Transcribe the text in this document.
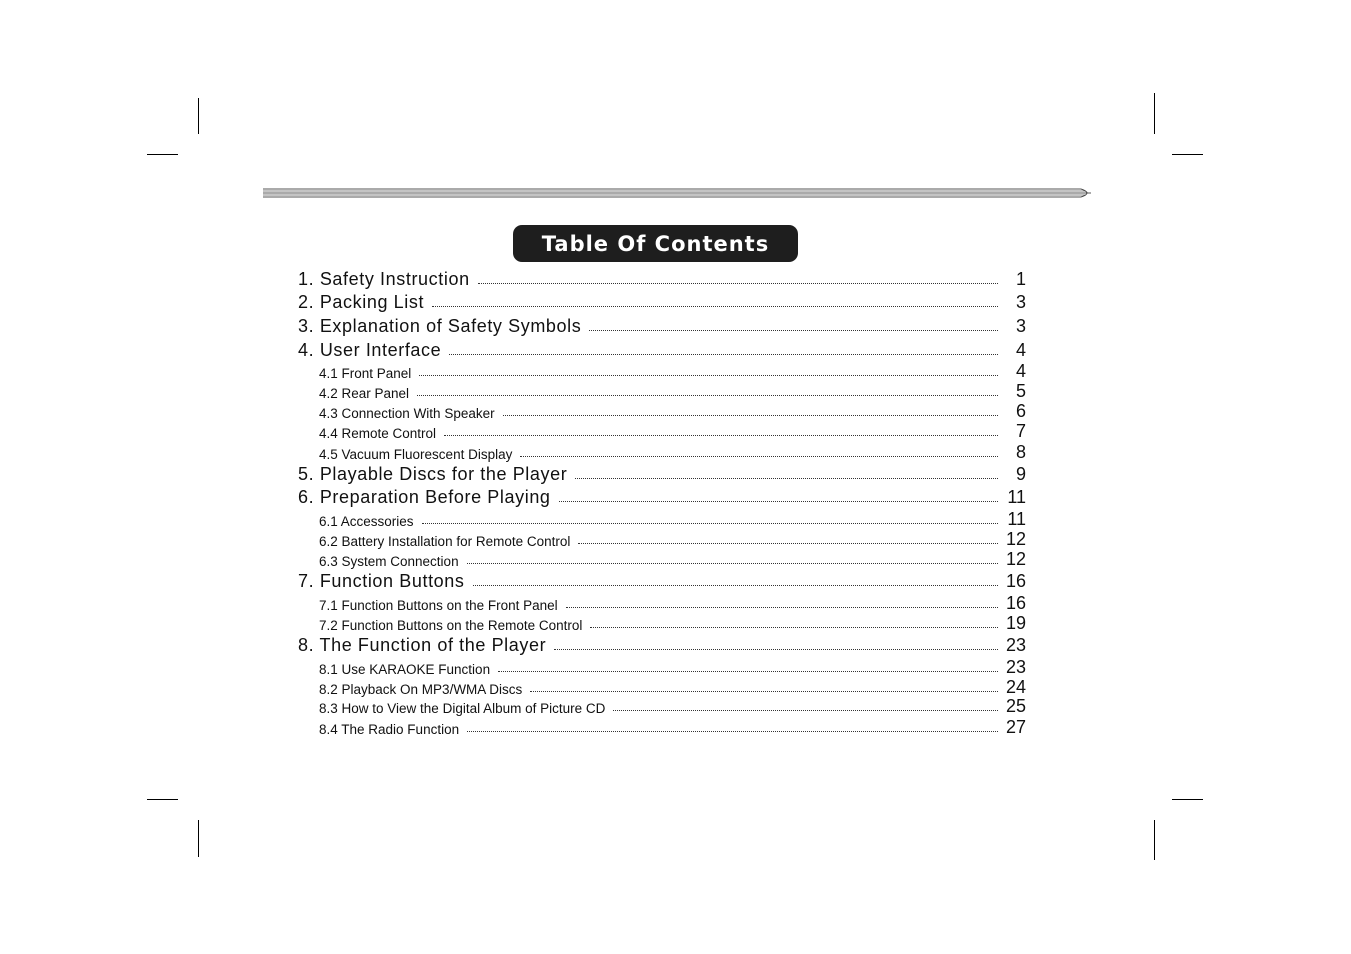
Table Of Contents
1. Safety Instruction	1
2. Packing List	3
3. Explanation of Safety Symbols	3
4. User Interface	4
4.1 Front Panel	4
4.2 Rear Panel	5
4.3 Connection With Speaker	6
4.4 Remote Control	7
4.5 Vacuum Fluorescent Display	8
5. Playable Discs for the Player	9
6. Preparation Before Playing	11
6.1 Accessories	11
6.2 Battery Installation for Remote Control	12
6.3 System Connection	12
7. Function Buttons	16
7.1 Function Buttons on the Front Panel	16
7.2 Function Buttons on the Remote Control	19
8. The Function of the Player	23
8.1 Use KARAOKE Function	23
8.2 Playback On MP3/WMA Discs	24
8.3 How to View the Digital Album of Picture CD	25
8.4 The Radio Function	27
